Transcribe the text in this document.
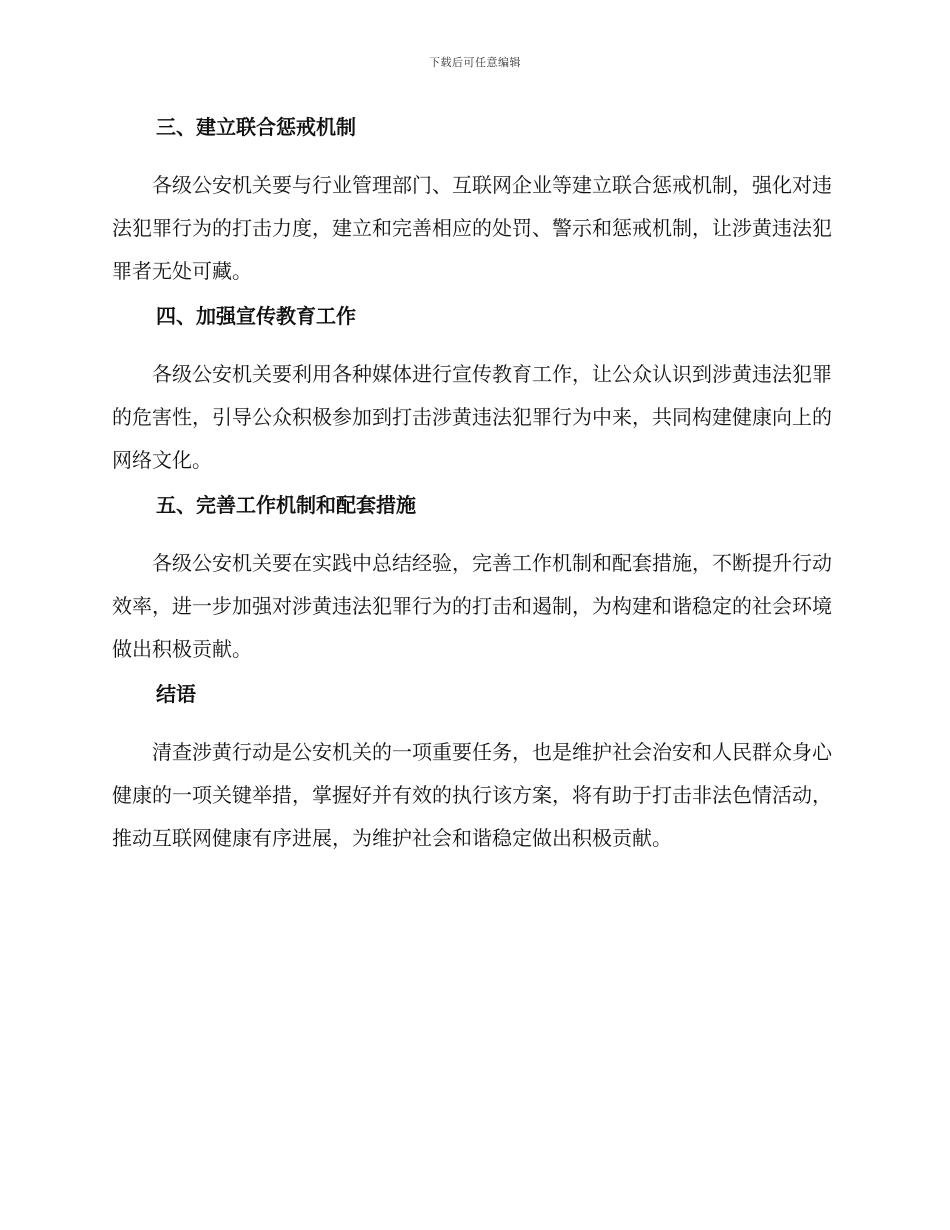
下载后可任意编辑
三、建立联合惩戒机制

各级公安机关要与行业管理部门、互联网企业等建立联合惩戒机制，强化对违法犯罪行为的打击力度，建立和完善相应的处罚、警示和惩戒机制，让涉黄违法犯罪者无处可藏。

四、加强宣传教育工作

各级公安机关要利用各种媒体进行宣传教育工作，让公众认识到涉黄违法犯罪的危害性，引导公众积极参加到打击涉黄违法犯罪行为中来，共同构建健康向上的网络文化。

五、完善工作机制和配套措施

各级公安机关要在实践中总结经验，完善工作机制和配套措施，不断提升行动效率，进一步加强对涉黄违法犯罪行为的打击和遏制，为构建和谐稳定的社会环境做出积极贡献。

结语

清查涉黄行动是公安机关的一项重要任务，也是维护社会治安和人民群众身心健康的一项关键举措，掌握好并有效的执行该方案，将有助于打击非法色情活动，推动互联网健康有序进展，为维护社会和谐稳定做出积极贡献。
